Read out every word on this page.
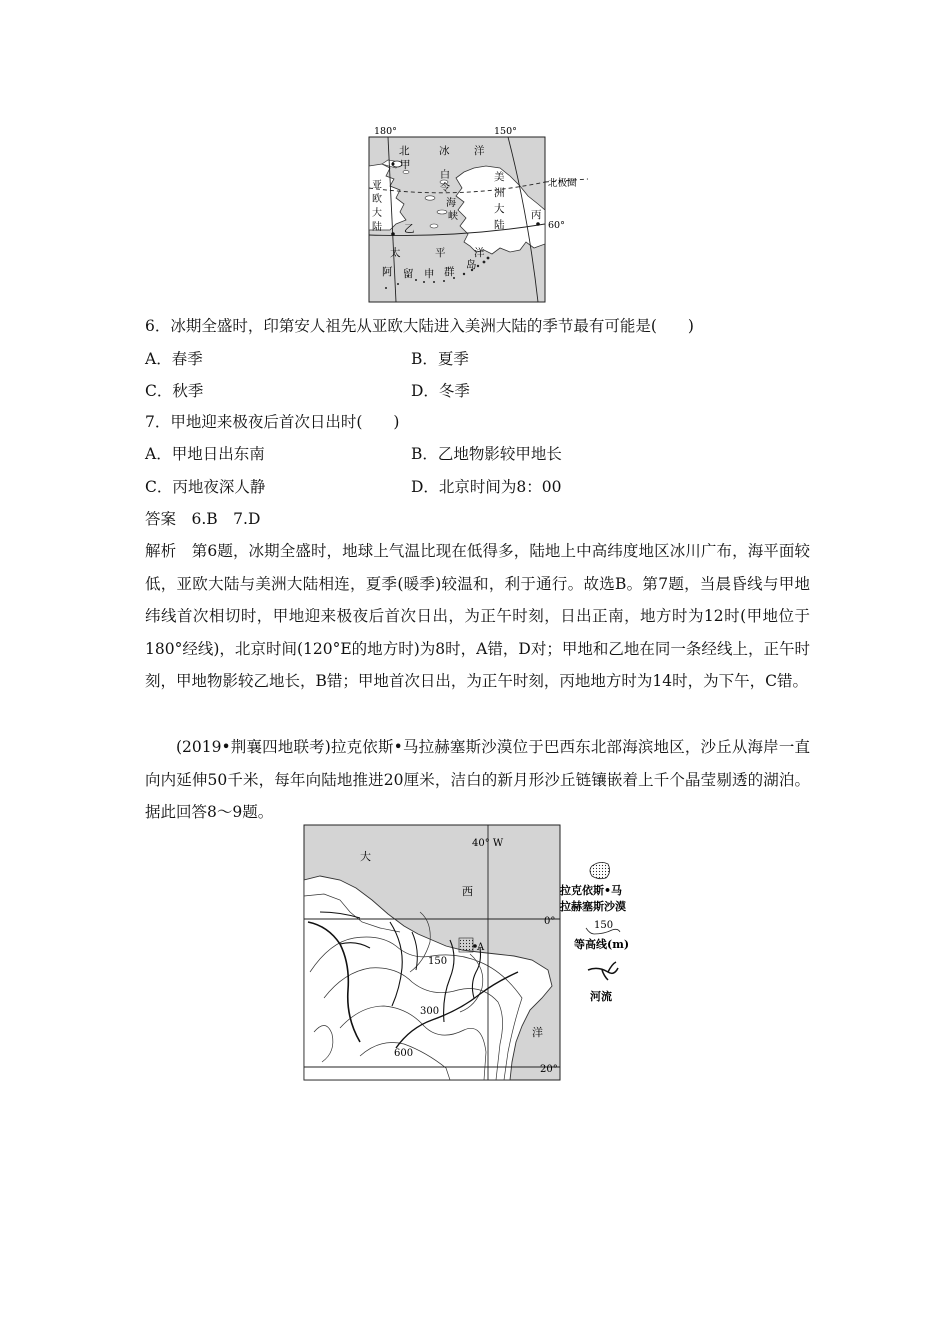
180°	150°
北	冰 洋
甲
白
令
海
峡
美
洲
大
陆
北极圈
亚
欧
大
陆 乙
丙
60°
太	平	洋
阿 留 申 群
岛
6．冰期全盛时，印第安人祖先从亚欧大陆进入美洲大陆的季节最有可能是(　　)
A．春季	B．夏季
C．秋季	D．冬季
7．甲地迎来极夜后首次日出时(　　)
A．甲地日出东南	B．乙地物影较甲地长
C．丙地夜深人静	D．北京时间为8：00
答案　6.B　7.D
解析　第6题，冰期全盛时，地球上气温比现在低得多，陆地上中高纬度地区冰川广布，海平面较低，亚欧大陆与美洲大陆相连，夏季(暖季)较温和，利于通行。故选B。第7题，当晨昏线与甲地纬线首次相切时，甲地迎来极夜后首次日出，为正午时刻，日出正南，地方时为12时(甲地位于180°经线)，北京时间(120°E的地方时)为8时，A错，D对；甲地和乙地在同一条经线上，正午时刻，甲地物影较乙地长，B错；甲地首次日出，为正午时刻，丙地地方时为14时，为下午，C错。
(2019•荆襄四地联考)拉克依斯•马拉赫塞斯沙漠位于巴西东北部海滨地区，沙丘从海岸一直向内延伸50千米，每年向陆地推进20厘米，洁白的新月形沙丘链镶嵌着上千个晶莹剔透的湖泊。据此回答8～9题。
A
40° W
大
西
洋
0°
20°
150
300
600
拉克依斯•马
拉赫塞斯沙漠
150
等高线(m)
河流
